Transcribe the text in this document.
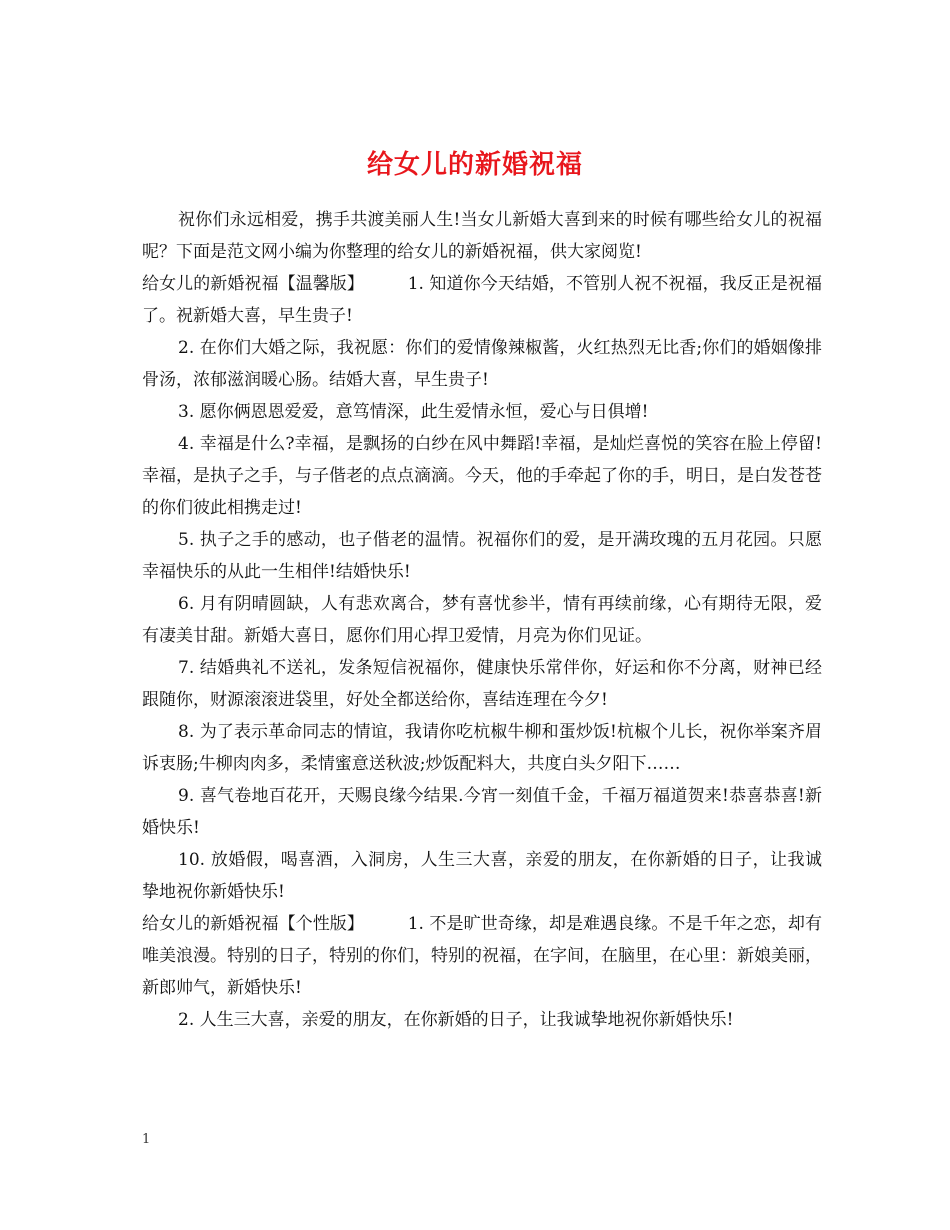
给女儿的新婚祝福

祝你们永远相爱，携手共渡美丽人生!当女儿新婚大喜到来的时候有哪些给女儿的祝福呢？下面是范文网小编为你整理的给女儿的新婚祝福，供大家阅览!

给女儿的新婚祝福【温馨版】        1. 知道你今天结婚，不管别人祝不祝福，我反正是祝福了。祝新婚大喜，早生贵子!

2. 在你们大婚之际，我祝愿：你们的爱情像辣椒酱，火红热烈无比香;你们的婚姻像排骨汤，浓郁滋润暖心肠。结婚大喜，早生贵子!

3. 愿你俩恩恩爱爱，意笃情深，此生爱情永恒，爱心与日俱增!

4. 幸福是什么?幸福，是飘扬的白纱在风中舞蹈!幸福，是灿烂喜悦的笑容在脸上停留!幸福，是执子之手，与子偕老的点点滴滴。今天，他的手牵起了你的手，明日，是白发苍苍的你们彼此相携走过!

5. 执子之手的感动，也子偕老的温情。祝福你们的爱，是开满玫瑰的五月花园。只愿幸福快乐的从此一生相伴!结婚快乐!

6. 月有阴晴圆缺，人有悲欢离合，梦有喜忧参半，情有再续前缘，心有期待无限，爱有凄美甘甜。新婚大喜日，愿你们用心捍卫爱情，月亮为你们见证。

7. 结婚典礼不送礼，发条短信祝福你，健康快乐常伴你，好运和你不分离，财神已经跟随你，财源滚滚进袋里，好处全都送给你，喜结连理在今夕!

8. 为了表示革命同志的情谊，我请你吃杭椒牛柳和蛋炒饭!杭椒个儿长，祝你举案齐眉诉衷肠;牛柳肉肉多，柔情蜜意送秋波;炒饭配料大，共度白头夕阳下……

9. 喜气卷地百花开，天赐良缘今结果.今宵一刻值千金，千福万福道贺来!恭喜恭喜!新婚快乐!

10. 放婚假，喝喜酒，入洞房，人生三大喜，亲爱的朋友，在你新婚的日子，让我诚挚地祝你新婚快乐!

给女儿的新婚祝福【个性版】        1. 不是旷世奇缘，却是难遇良缘。不是千年之恋，却有唯美浪漫。特别的日子，特别的你们，特别的祝福，在字间，在脑里，在心里：新娘美丽，新郎帅气，新婚快乐!

2. 人生三大喜，亲爱的朋友，在你新婚的日子，让我诚挚地祝你新婚快乐!

1
